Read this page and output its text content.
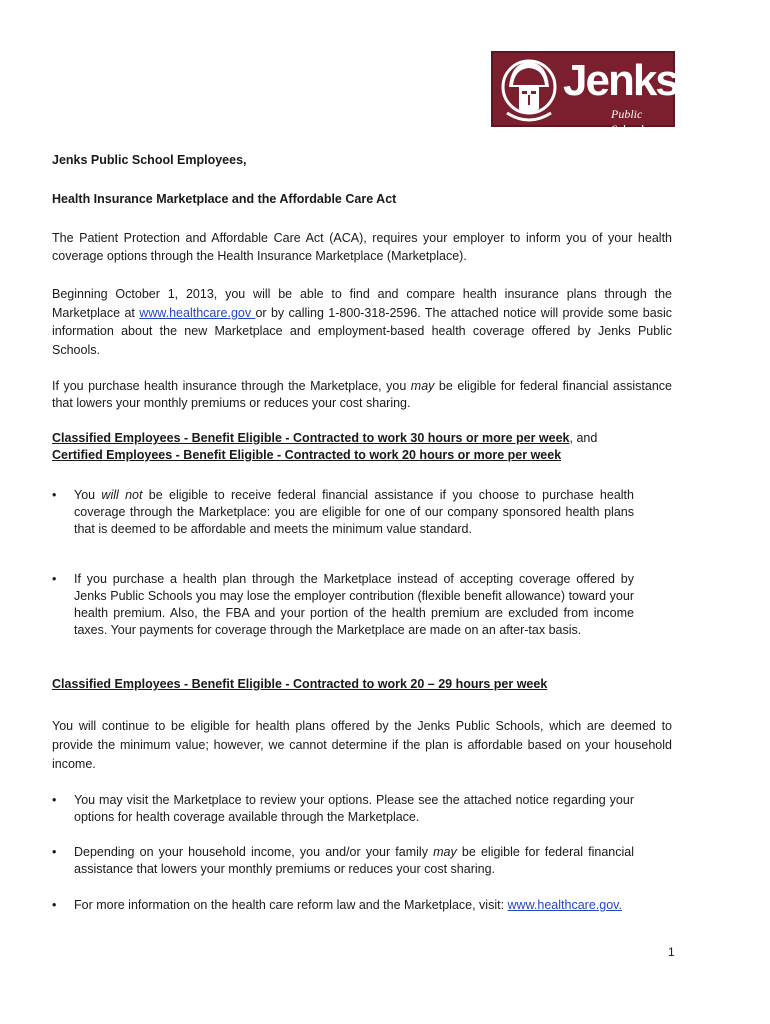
Jenks
Public Schools.
Jenks Public School Employees,
Health Insurance Marketplace and the Affordable Care Act
The Patient Protection and Affordable Care Act (ACA), requires your employer to inform you of your health coverage options through the Health Insurance Marketplace (Marketplace).
Beginning October 1, 2013, you will be able to find and compare health insurance plans through the Marketplace at www.healthcare.gov or by calling 1-800-318-2596. The attached notice will provide some basic information about the new Marketplace and employment-based health coverage offered by Jenks Public Schools.
If you purchase health insurance through the Marketplace, you may be eligible for federal financial assistance that lowers your monthly premiums or reduces your cost sharing.
Classified Employees - Benefit Eligible - Contracted to work 30 hours or more per week, and
Certified Employees - Benefit Eligible - Contracted to work 20 hours or more per week
•	You will not be eligible to receive federal financial assistance if you choose to purchase health coverage through the Marketplace: you are eligible for one of our company sponsored health plans that is deemed to be affordable and meets the minimum value standard.
•	If you purchase a health plan through the Marketplace instead of accepting coverage offered by Jenks Public Schools you may lose the employer contribution (flexible benefit allowance) toward your health premium. Also, the FBA and your portion of the health premium are excluded from income taxes. Your payments for coverage through the Marketplace are made on an after-tax basis.
Classified Employees - Benefit Eligible - Contracted to work 20 – 29 hours per week
You will continue to be eligible for health plans offered by the Jenks Public Schools, which are deemed to provide the minimum value; however, we cannot determine if the plan is affordable based on your household income.
•	You may visit the Marketplace to review your options. Please see the attached notice regarding your options for health coverage available through the Marketplace.
•	Depending on your household income, you and/or your family may be eligible for federal financial assistance that lowers your monthly premiums or reduces your cost sharing.
•	For more information on the health care reform law and the Marketplace, visit: www.healthcare.gov.
1
